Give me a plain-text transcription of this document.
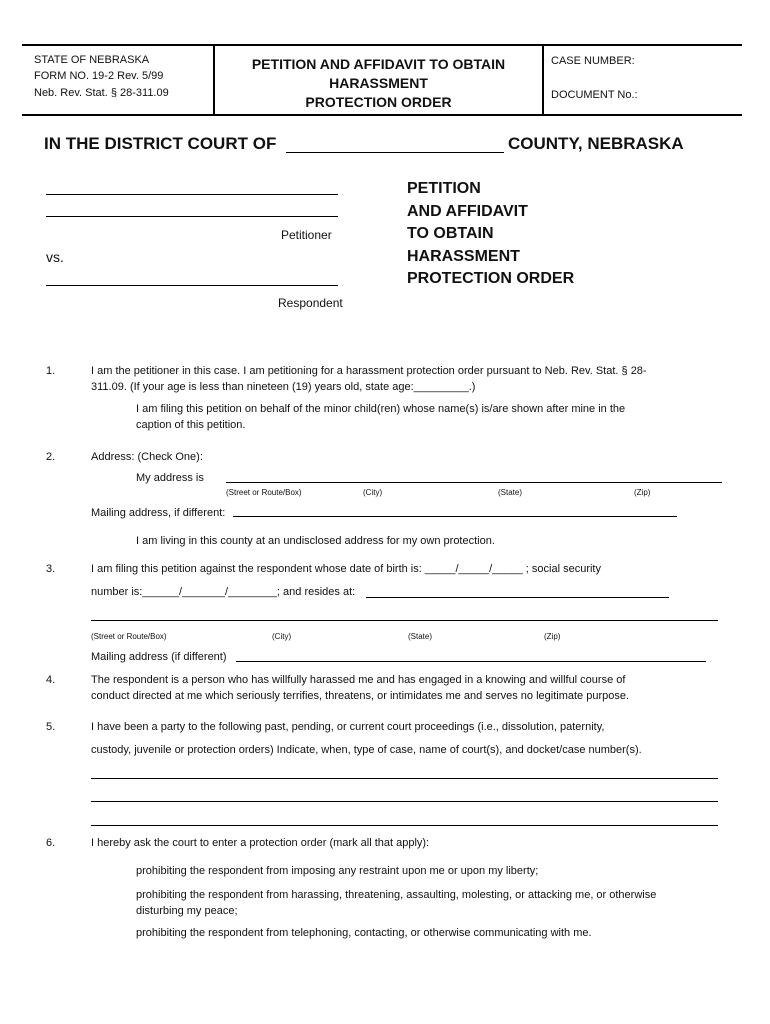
STATE OF NEBRASKA
FORM NO. 19-2 Rev. 5/99
Neb. Rev. Stat. § 28-311.09
PETITION AND AFFIDAVIT TO OBTAIN
HARASSMENT
PROTECTION ORDER
CASE NUMBER:
DOCUMENT No.:
IN THE DISTRICT COURT OF	COUNTY, NEBRASKA
Petitioner
vs.
Respondent
PETITION
AND AFFIDAVIT
TO OBTAIN
HARASSMENT
PROTECTION ORDER
1.	I am the petitioner in this case. I am petitioning for a harassment protection order pursuant to Neb. Rev. Stat. § 28-
311.09. (If your age is less than nineteen (19) years old, state age:_________.)
I am filing this petition on behalf of the minor child(ren) whose name(s) is/are shown after mine in the
caption of this petition.
2.	Address: (Check One):
My address is
(Street or Route/Box)	(City)	(State)	(Zip)
Mailing address, if different:
I am living in this county at an undisclosed address for my own protection.
3.	I am filing this petition against the respondent whose date of birth is: _____/_____/_____ ; social security
number is:______/_______/________; and resides at:
(Street or Route/Box)	(City)	(State)	(Zip)
Mailing address (if different)
4.	The respondent is a person who has willfully harassed me and has engaged in a knowing and willful course of
conduct directed at me which seriously terrifies, threatens, or intimidates me and serves no legitimate purpose.
5.	I have been a party to the following past, pending, or current court proceedings (i.e., dissolution, paternity,
custody, juvenile or protection orders) Indicate, when, type of case, name of court(s), and docket/case number(s).
6.	I hereby ask the court to enter a protection order (mark all that apply):
prohibiting the respondent from imposing any restraint upon me or upon my liberty;
prohibiting the respondent from harassing, threatening, assaulting, molesting, or attacking me, or otherwise
disturbing my peace;
prohibiting the respondent from telephoning, contacting, or otherwise communicating with me.
